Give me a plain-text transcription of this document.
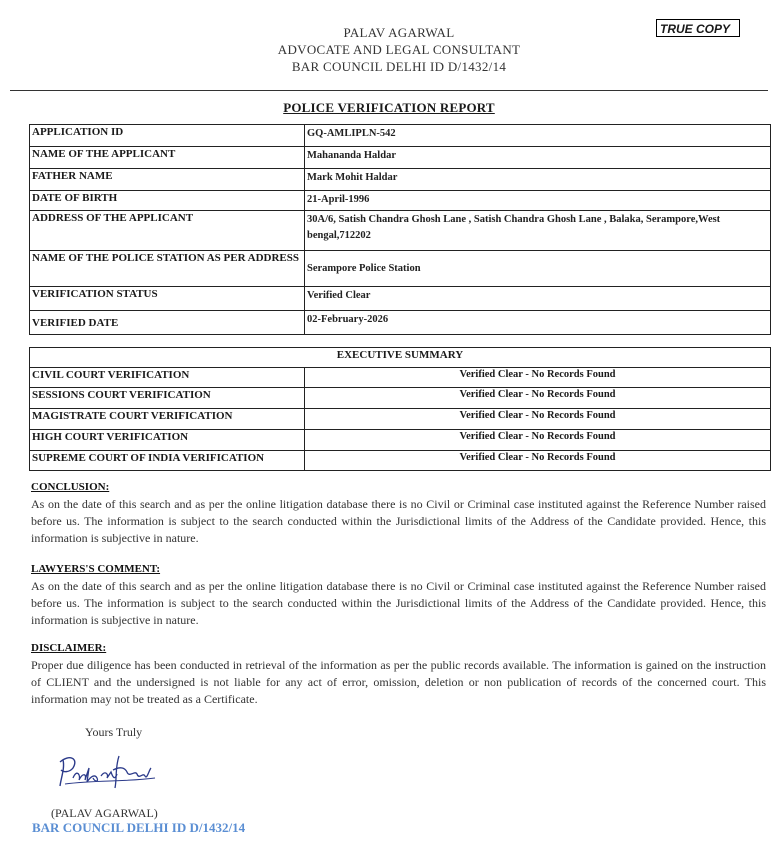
PALAV AGARWAL
ADVOCATE AND LEGAL CONSULTANT
BAR COUNCIL DELHI ID D/1432/14
TRUE COPY
POLICE VERIFICATION REPORT
APPLICATION ID	GQ-AMLIPLN-542
NAME OF THE APPLICANT	Mahananda Haldar
FATHER NAME	Mark Mohit Haldar
DATE OF BIRTH	21-April-1996
ADDRESS OF THE APPLICANT	30A/6, Satish Chandra Ghosh Lane , Satish Chandra Ghosh Lane , Balaka, Serampore,West bengal,712202
NAME OF THE POLICE STATION AS PER ADDRESS	Serampore Police Station
VERIFICATION STATUS	Verified Clear
VERIFIED DATE	02-February-2026
EXECUTIVE SUMMARY	
CIVIL COURT VERIFICATION	Verified Clear - No Records Found
SESSIONS COURT VERIFICATION	Verified Clear - No Records Found
MAGISTRATE COURT VERIFICATION	Verified Clear - No Records Found
HIGH COURT VERIFICATION	Verified Clear - No Records Found
SUPREME COURT OF INDIA VERIFICATION	Verified Clear - No Records Found
CONCLUSION:
As on the date of this search and as per the online litigation database there is no Civil or Criminal case instituted against the Reference Number raised before us. The information is subject to the search conducted within the Jurisdictional limits of the Address of the Candidate provided. Hence, this information is subjective in nature.
LAWYERS'S COMMENT:
As on the date of this search and as per the online litigation database there is no Civil or Criminal case instituted against the Reference Number raised before us. The information is subject to the search conducted within the Jurisdictional limits of the Address of the Candidate provided. Hence, this information is subjective in nature.
DISCLAIMER:
Proper due diligence has been conducted in retrieval of the information as per the public records available. The information is gained on the instruction of CLIENT and the undersigned is not liable for any act of error, omission, deletion or non publication of records of the concerned court. This information may not be treated as a Certificate.
Yours Truly
(PALAV AGARWAL)
BAR COUNCIL DELHI ID D/1432/14
